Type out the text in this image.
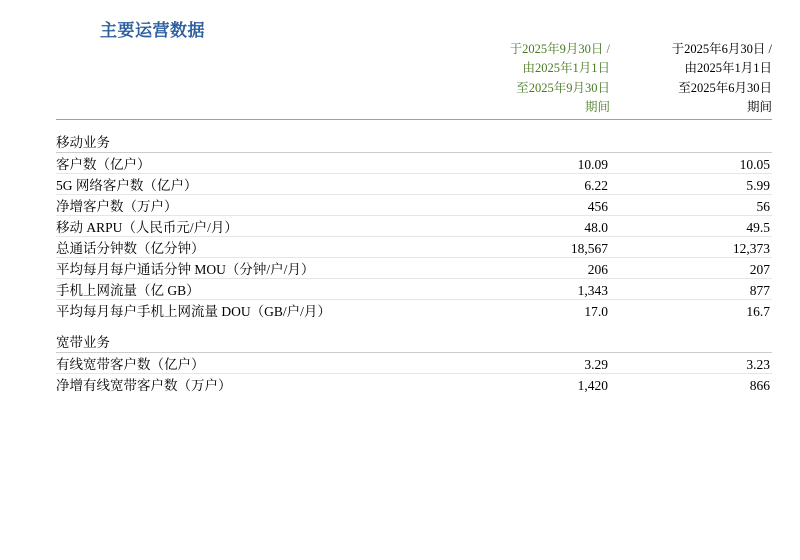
主要运营数据

于2025年9月30日 /
由2025年1月1日
至2025年9月30日
期间

于2025年6月30日 /
由2025年1月1日
至2025年6月30日
期间

移动业务		

客户数（亿户）	10.09	10.05

5G 网络客户数（亿户）	6.22	5.99

净增客户数（万户）	456	56

移动 ARPU（人民币元/户/月）	48.0	49.5

总通话分钟数（亿分钟）	18,567	12,373

平均每月每户通话分钟 MOU（分钟/户/月）	206	207

手机上网流量（亿 GB）	1,343	877

平均每月每户手机上网流量 DOU（GB/户/月）	17.0	16.7

宽带业务		

有线宽带客户数（亿户）	3.29	3.23

净增有线宽带客户数（万户）	1,420	866
